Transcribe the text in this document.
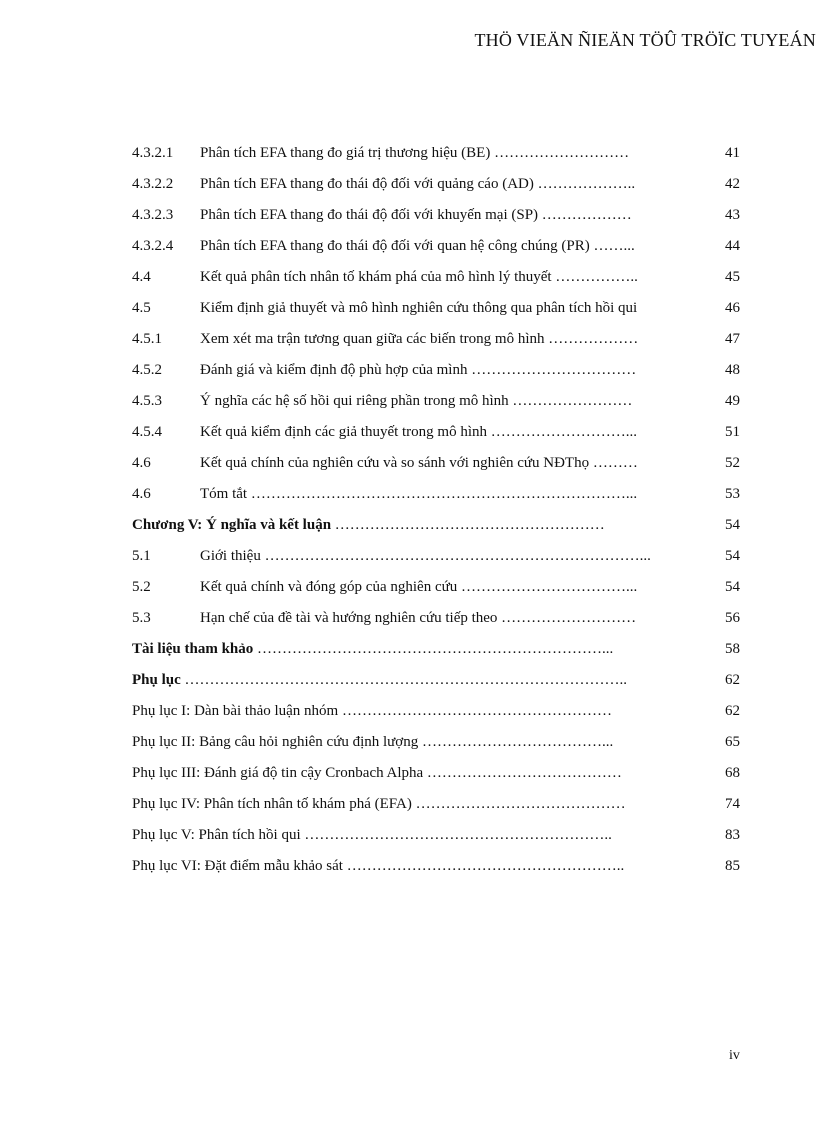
THÖ VIEÄN ÑIEÄN TÖÛ TRÖÏC TUYEÁN
4.3.2.1 Phân tích EFA thang đo giá trị thương hiệu (BE) ………………………	41
4.3.2.2 Phân tích EFA thang đo thái độ đối với quảng cáo (AD) ………………..	42
4.3.2.3 Phân tích EFA thang đo thái độ đối với khuyến mại (SP) ………………	43
4.3.2.4 Phân tích EFA thang đo thái độ đối với quan hệ công chúng (PR) ……...	44
4.4	Kết quả phân tích nhân tố khám phá của mô hình lý thuyết ……………..	45
4.5	Kiểm định giả thuyết và mô hình nghiên cứu thông qua phân tích hồi qui	46
4.5.1	Xem xét ma trận tương quan giữa các biến trong mô hình ………………	47
4.5.2	Đánh giá và kiểm định độ phù hợp của mình ……………………………	48
4.5.3	Ý nghĩa các hệ số hồi qui riêng phần trong mô hình ……………………	49
4.5.4	Kết quả kiểm định các giả thuyết trong mô hình ………………………...	51
4.6	Kết quả chính của nghiên cứu và so sánh với nghiên cứu NĐThọ ………	52
4.6	Tóm tắt …………………………………………………………………...	53
Chương V: Ý nghĩa và kết luận ………………………………………………	54
5.1	Giới thiệu …………………………………………………………………...	54
5.2	Kết quả chính và đóng góp của nghiên cứu ……………………………...	54
5.3	Hạn chế của đề tài và hướng nghiên cứu tiếp theo ………………………	56
Tài liệu tham khảo ……………………………………………………………...	58
Phụ lục ……………………………………………………………………………..	62
Phụ lục I: Dàn bài thảo luận nhóm ………………………………………………	62
Phụ lục II: Bảng câu hỏi nghiên cứu định lượng ………………………………...	65
Phụ lục III: Đánh giá độ tin cậy Cronbach Alpha …………………………………	68
Phụ lục IV: Phân tích nhân tố khám phá (EFA) ……………………………………	74
Phụ lục V: Phân tích hồi qui ……………………………………………………..	83
Phụ lục VI: Đặt điểm mẫu khảo sát ………………………………………………..	85
iv
